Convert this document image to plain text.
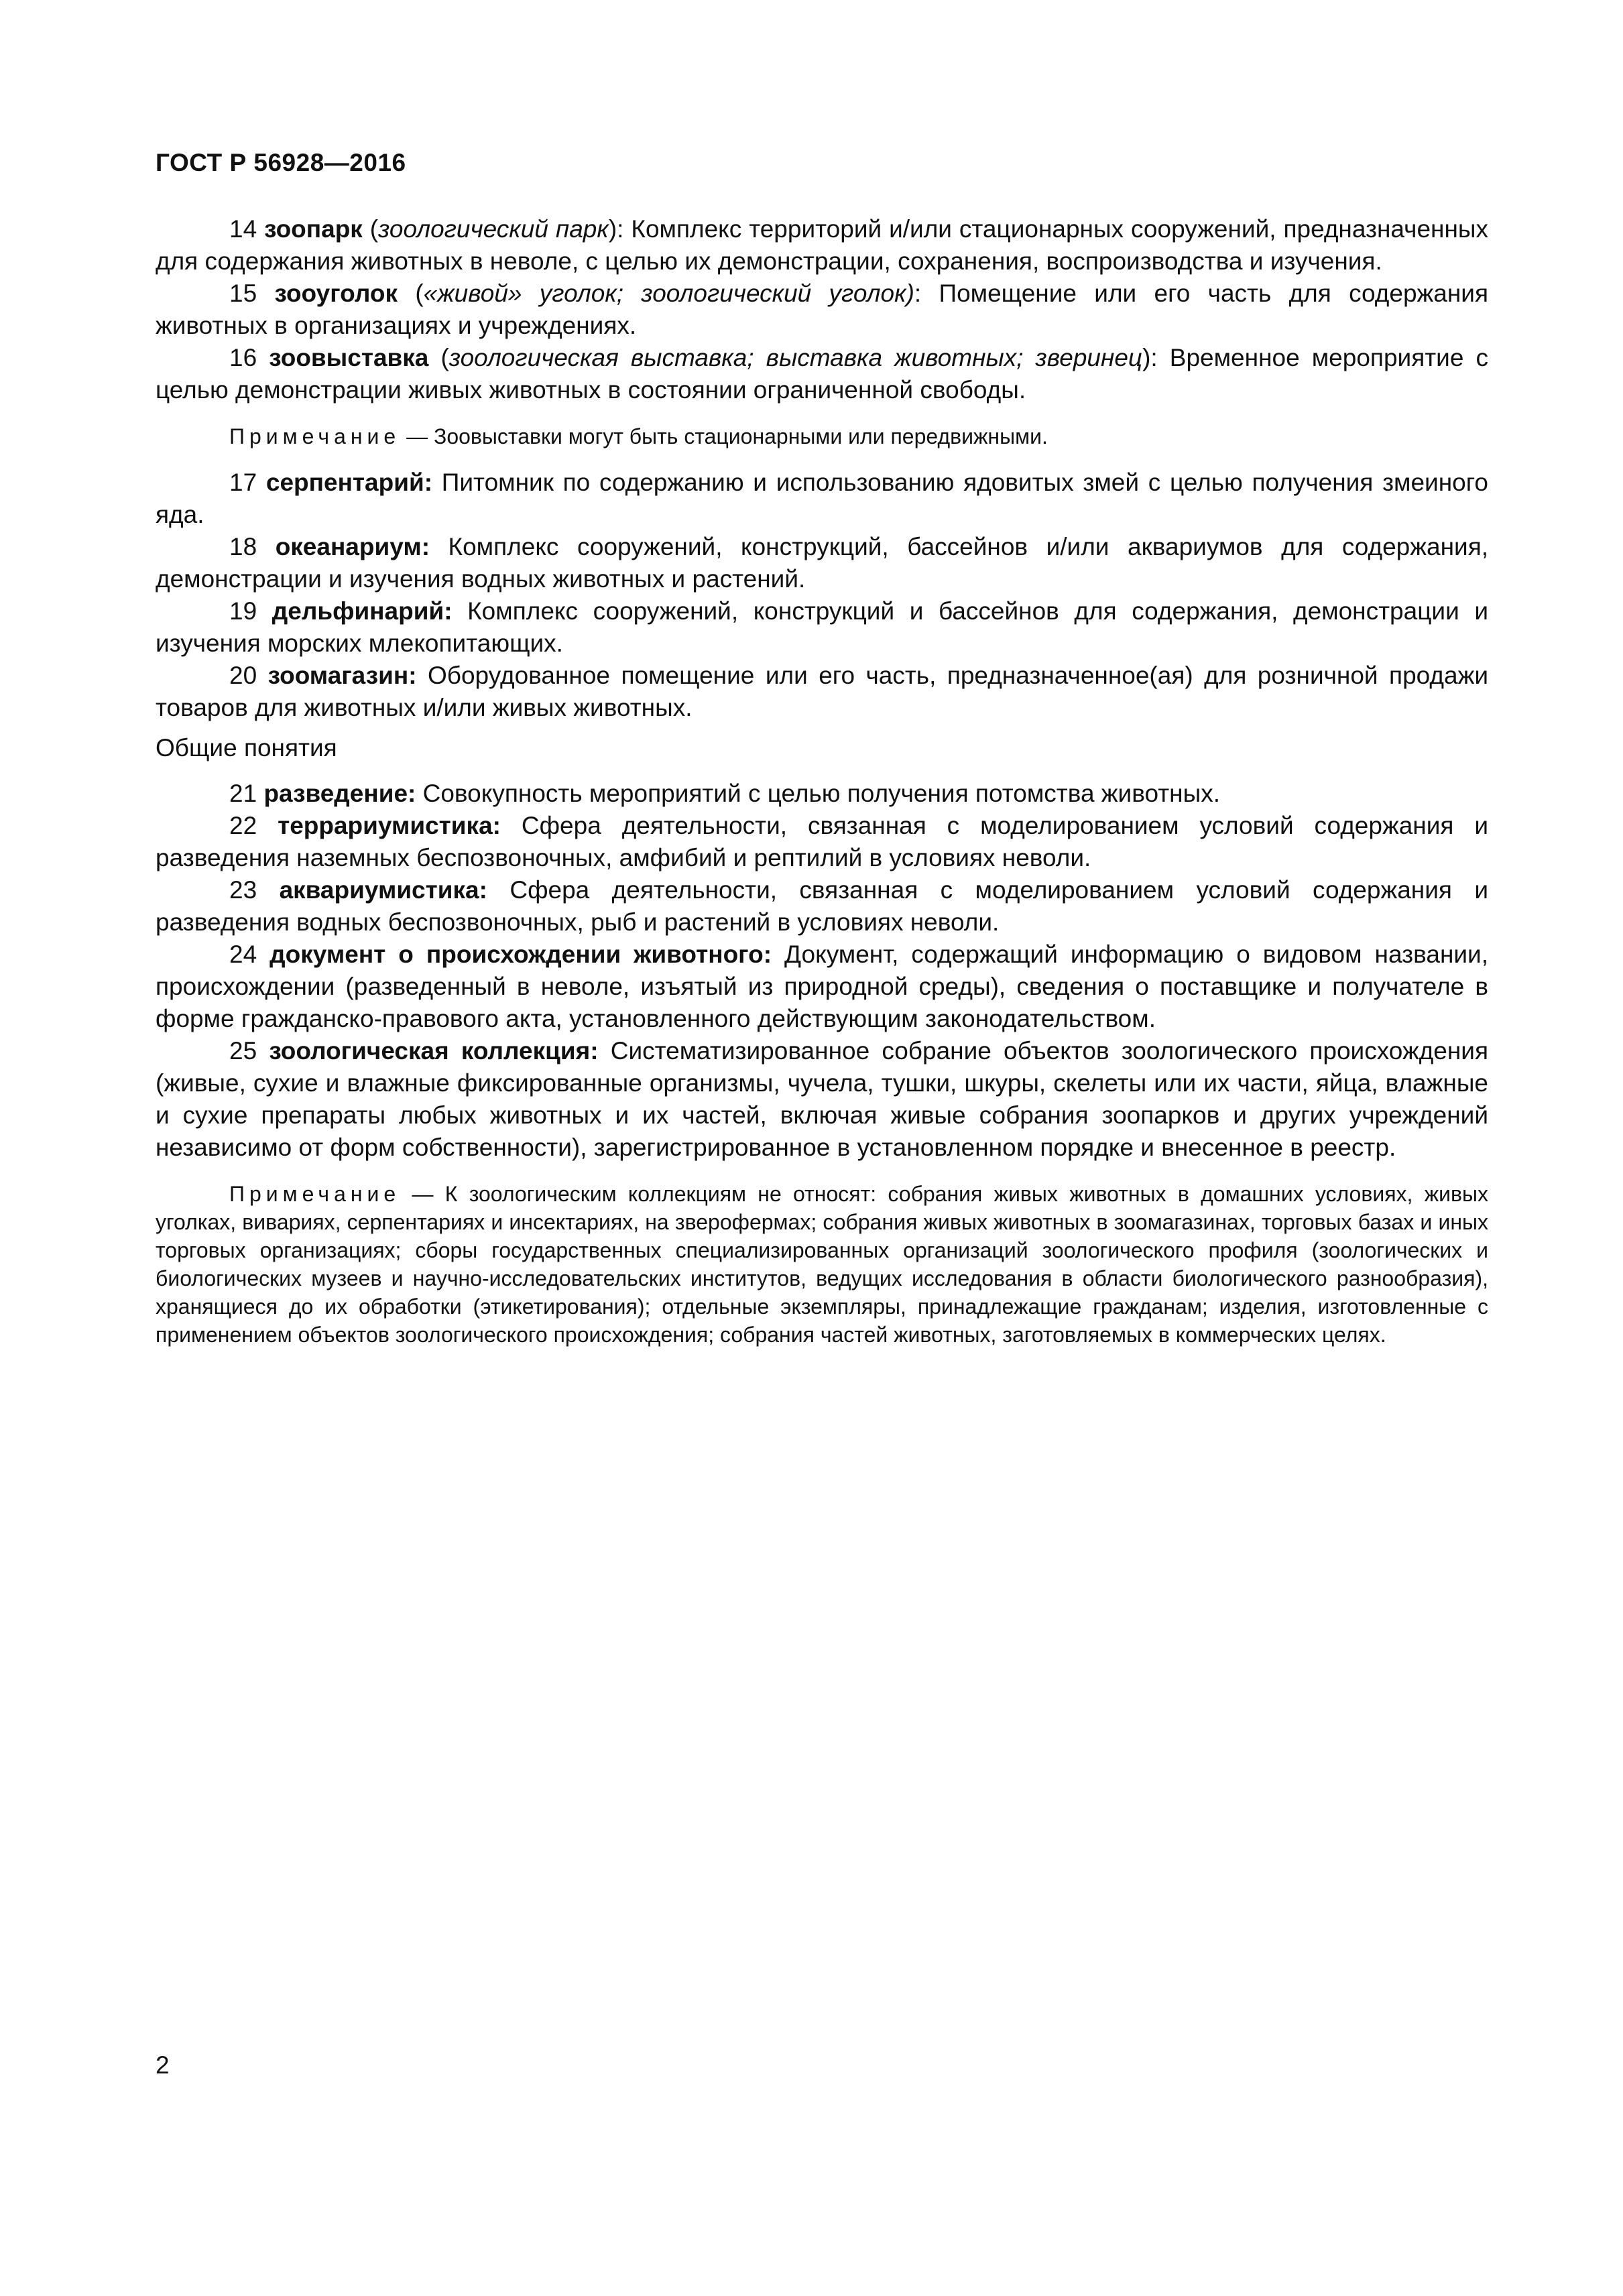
ГОСТ Р 56928—2016

14 зоопарк (зоологический парк): Комплекс территорий и/или стационарных сооружений, предназначенных для содержания животных в неволе, с целью их демонстрации, сохранения, воспроизводства и изучения.

15 зооуголок («живой» уголок; зоологический уголок): Помещение или его часть для содержания животных в организациях и учреждениях.

16 зоовыставка (зоологическая выставка; выставка животных; зверинец): Временное мероприятие с целью демонстрации живых животных в состоянии ограниченной свободы.

Примечание — Зоовыставки могут быть стационарными или передвижными.

17 серпентарий: Питомник по содержанию и использованию ядовитых змей с целью получения змеиного яда.

18 океанариум: Комплекс сооружений, конструкций, бассейнов и/или аквариумов для содержания, демонстрации и изучения водных животных и растений.

19 дельфинарий: Комплекс сооружений, конструкций и бассейнов для содержания, демонстрации и изучения морских млекопитающих.

20 зоомагазин: Оборудованное помещение или его часть, предназначенное(ая) для розничной продажи товаров для животных и/или живых животных.

Общие понятия

21 разведение: Совокупность мероприятий с целью получения потомства животных.

22 террариумистика: Сфера деятельности, связанная с моделированием условий содержания и разведения наземных беспозвоночных, амфибий и рептилий в условиях неволи.

23 аквариумистика: Сфера деятельности, связанная с моделированием условий содержания и разведения водных беспозвоночных, рыб и растений в условиях неволи.

24 документ о происхождении животного: Документ, содержащий информацию о видовом названии, происхождении (разведенный в неволе, изъятый из природной среды), сведения о поставщике и получателе в форме гражданско-правового акта, установленного действующим законодательством.

25 зоологическая коллекция: Систематизированное собрание объектов зоологического происхождения (живые, сухие и влажные фиксированные организмы, чучела, тушки, шкуры, скелеты или их части, яйца, влажные и сухие препараты любых животных и их частей, включая живые собрания зоопарков и других учреждений независимо от форм собственности), зарегистрированное в установленном порядке и внесенное в реестр.

Примечание — К зоологическим коллекциям не относят: собрания живых животных в домашних условиях, живых уголках, вивариях, серпентариях и инсектариях, на зверофермах; собрания живых животных в зоомагазинах, торговых базах и иных торговых организациях; сборы государственных специализированных организаций зоологического профиля (зоологических и биологических музеев и научно-исследовательских институтов, ведущих исследования в области биологического разнообразия), хранящиеся до их обработки (этикетирования); отдельные экземпляры, принадлежащие гражданам; изделия, изготовленные с применением объектов зоологического происхождения; собрания частей животных, заготовляемых в коммерческих целях.

2
